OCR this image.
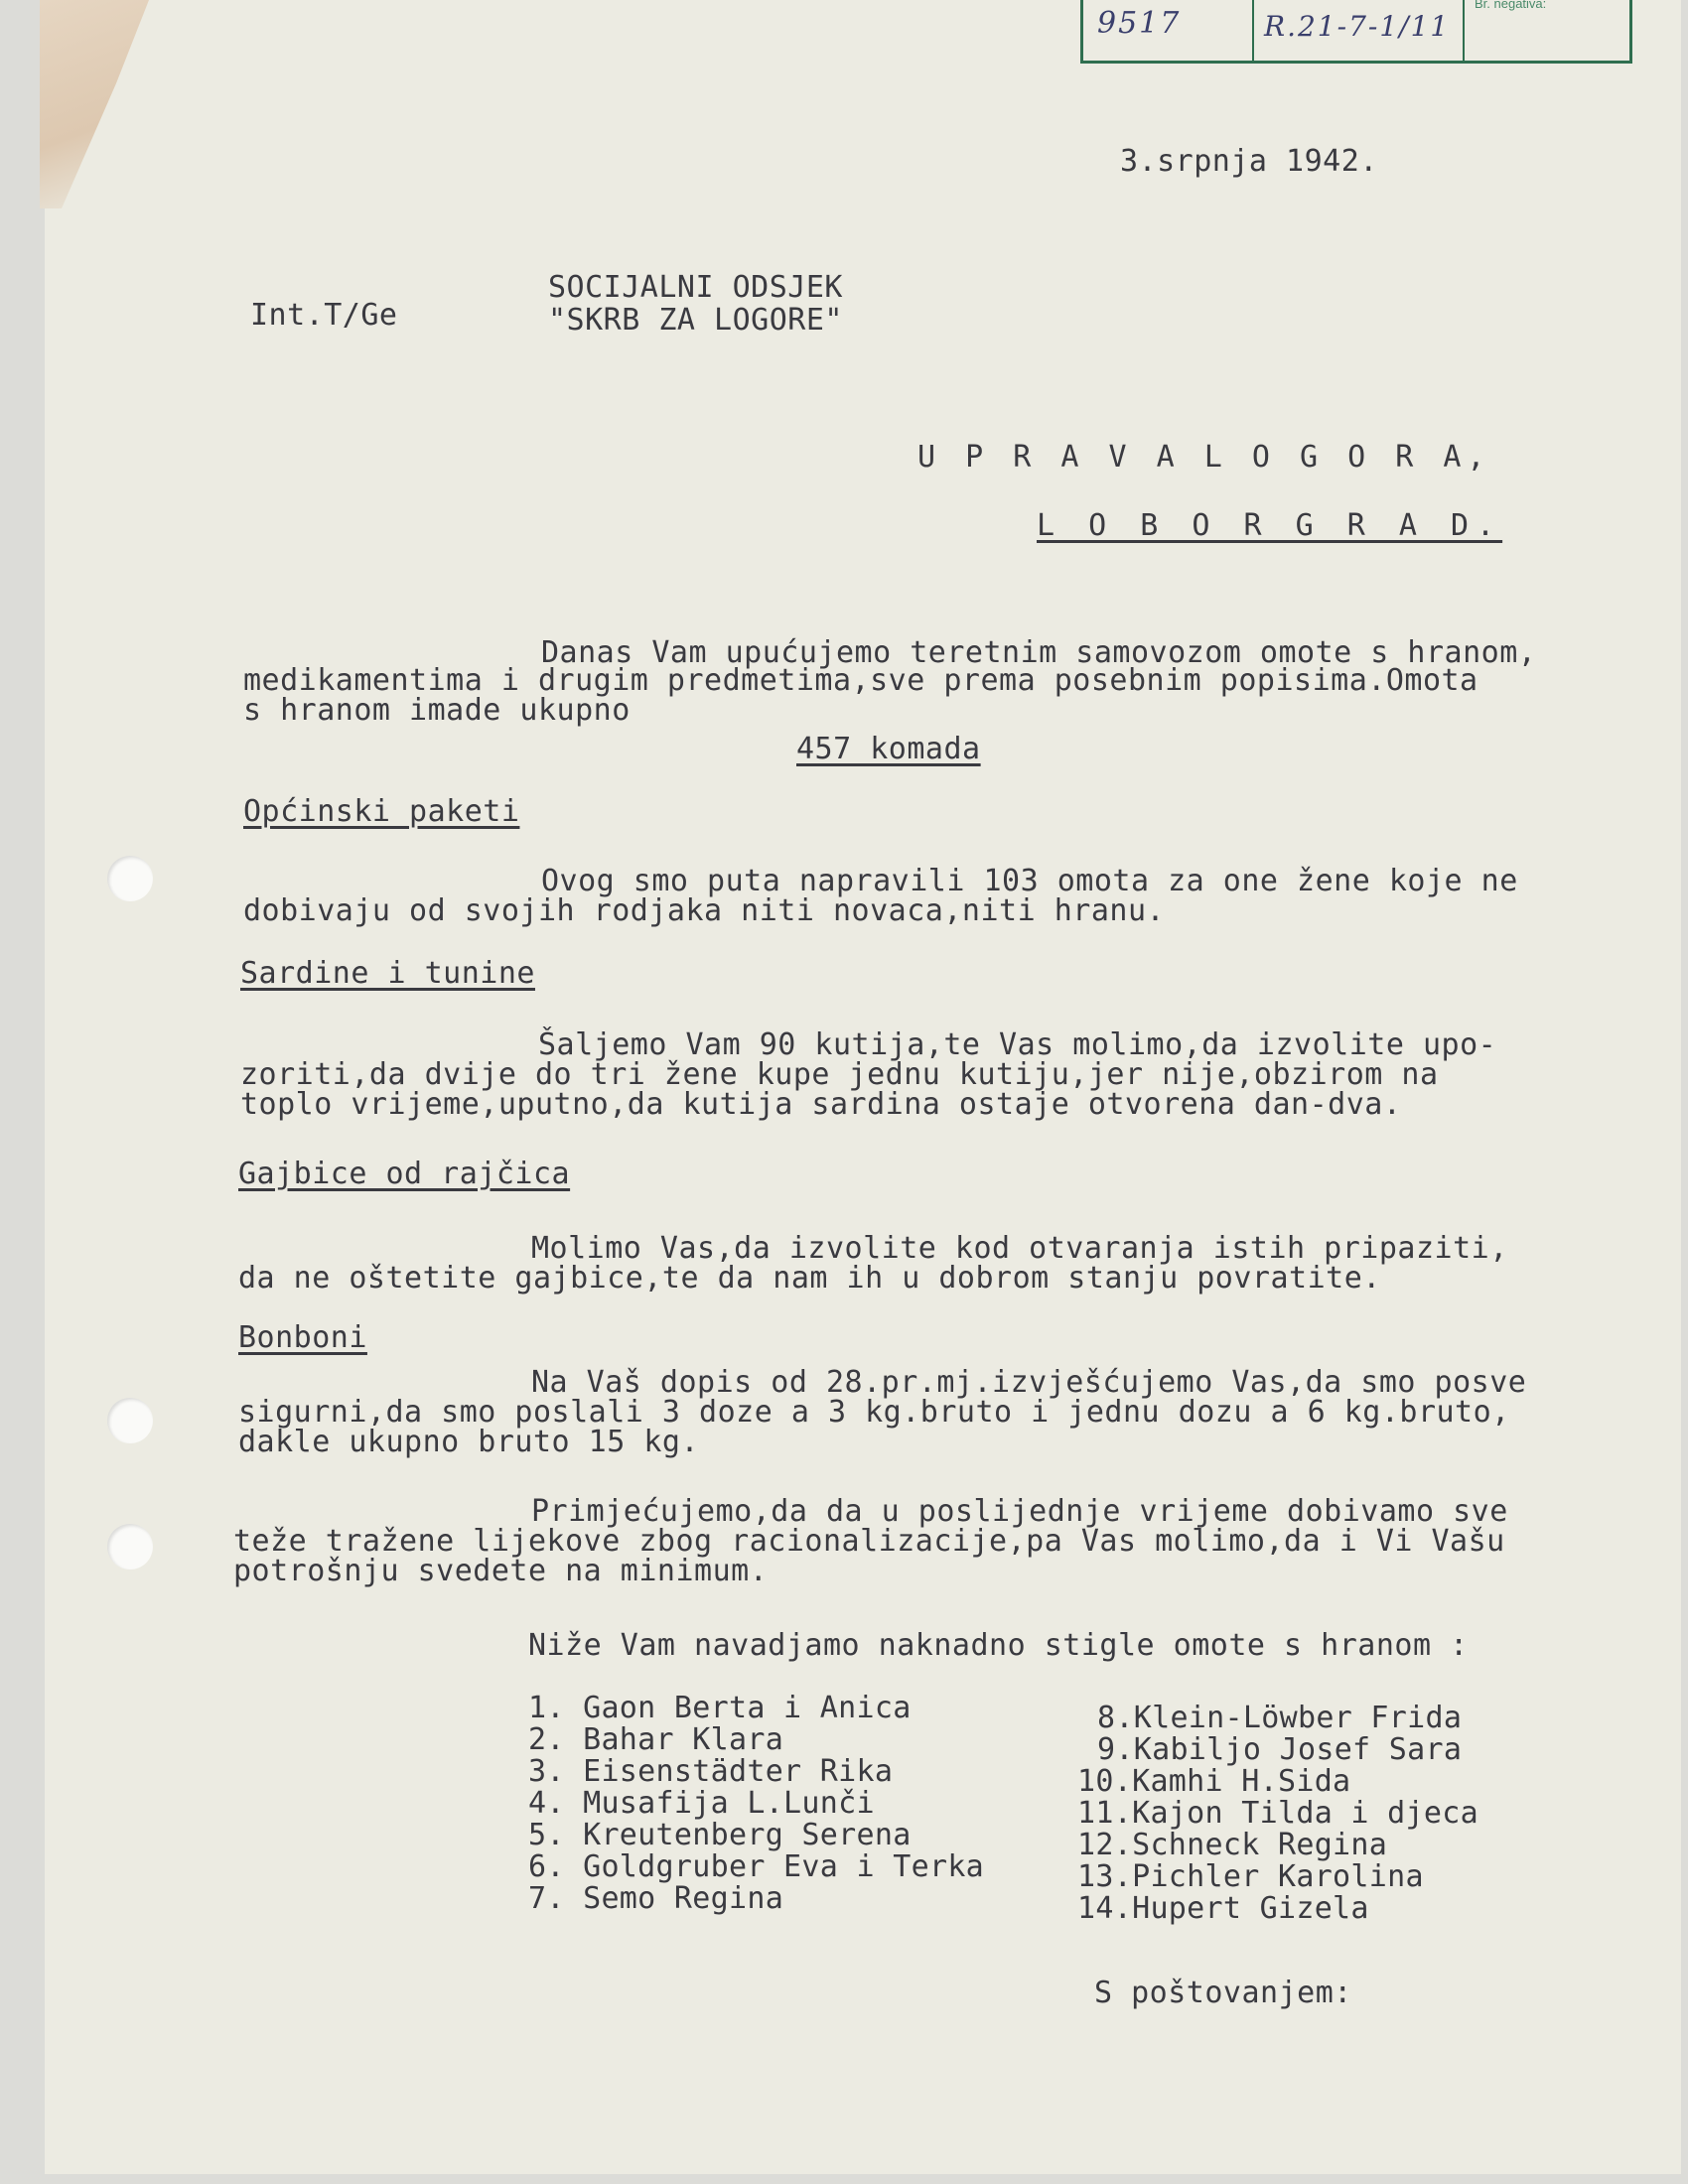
9517	R.21-7-1/11
Br. negativa:
3.srpnja 1942.
Int.T/Ge
SOCIJALNI ODSJEK
"SKRB ZA LOGORE"
U P R A V A L O G O R A,
L O B O R G R A D.
Danas Vam upućujemo teretnim samovozom omote s hranom,
medikamentima i drugim predmetima,sve prema posebnim popisima.Omota
s hranom imade ukupno
457 komada
Općinski paketi
Ovog smo puta napravili 103 omota za one žene koje ne
dobivaju od svojih rodjaka niti novaca,niti hranu.
Sardine i tunine
Šaljemo Vam 90 kutija,te Vas molimo,da izvolite upo-
zoriti,da dvije do tri žene kupe jednu kutiju,jer nije,obzirom na
toplo vrijeme,uputno,da kutija sardina ostaje otvorena dan-dva.
Gajbice od rajčica
Molimo Vas,da izvolite kod otvaranja istih pripaziti,
da ne oštetite gajbice,te da nam ih u dobrom stanju povratite.
Bonboni
Na Vaš dopis od 28.pr.mj.izvješćujemo Vas,da smo posve
sigurni,da smo poslali 3 doze a 3 kg.bruto i jednu dozu a 6 kg.bruto,
dakle ukupno bruto 15 kg.
Primjećujemo,da da u poslijednje vrijeme dobivamo sve
teže tražene lijekove zbog racionalizacije,pa Vas molimo,da i Vi Vašu
potrošnju svedete na minimum.
Niže Vam navadjamo naknadno stigle omote s hranom :
1. Gaon Berta i Anica
2. Bahar Klara
3. Eisenstädter Rika
4. Musafija L.Lunči
5. Kreutenberg Serena
6. Goldgruber Eva i Terka
7. Semo Regina
8.Klein-Löwber Frida
9.Kabiljo Josef Sara
10.Kamhi H.Sida
11.Kajon Tilda i djeca
12.Schneck Regina
13.Pichler Karolina
14.Hupert Gizela
S poštovanjem:
